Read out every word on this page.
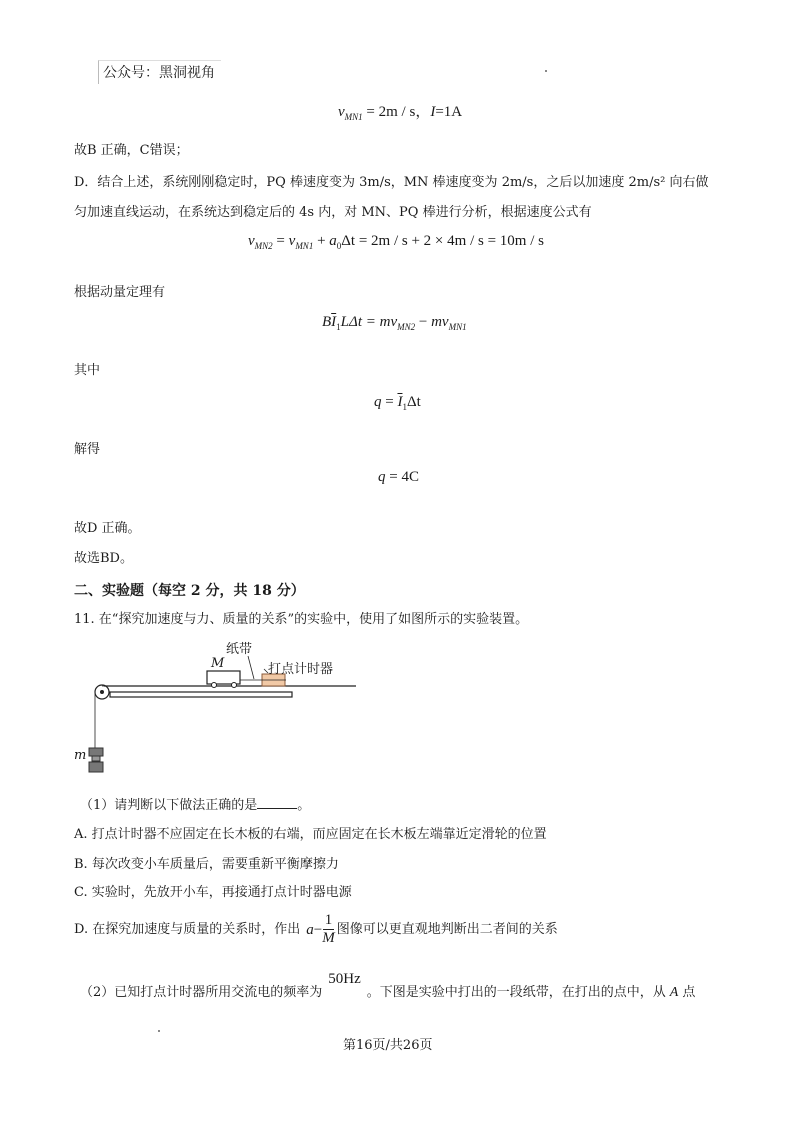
公众号：黑洞视角
$v_{MN1} = 2m / s$，I=1A
故B 正确，C错误；
D．结合上述，系统刚刚稳定时，PQ 棒速度变为 3m/s，MN 棒速度变为 2m/s，之后以加速度 2m/s² 向右做
匀加速直线运动，在系统达到稳定后的 4s 内，对 MN、PQ 棒进行分析，根据速度公式有
$v_{MN2} = v_{MN1} + a_0\Delta t = 2m / s + 2 \times 4m / s = 10m / s$
根据动量定理有
$B\overline{I}_1L\Delta t = mv_{MN2} - mv_{MN1}$
其中
$q = \overline{I}_1\Delta t$
解得
q = 4C
故D 正确。
故选BD。
二、实验题（每空 2 分，共 18 分）
11. 在“探究加速度与力、质量的关系”的实验中，使用了如图所示的实验装置。
纸带
M	打点计时器
m
（1）请判断以下做法正确的是	。
A. 打点计时器不应固定在长木板的右端，而应固定在长木板左端靠近定滑轮的位置
B. 每次改变小车质量后，需要重新平衡摩擦力
C. 实验时，先放开小车，再接通打点计时器电源
D. 在探究加速度与质量的关系时，作出 $a- \frac{1}{M}$ 图像可以更直观地判断出二者间的关系
（2）已知打点计时器所用交流电的频率为
50Hz
。下图是实验中打出的一段纸带，在打出的点中，从 A 点
第16页/共26页
